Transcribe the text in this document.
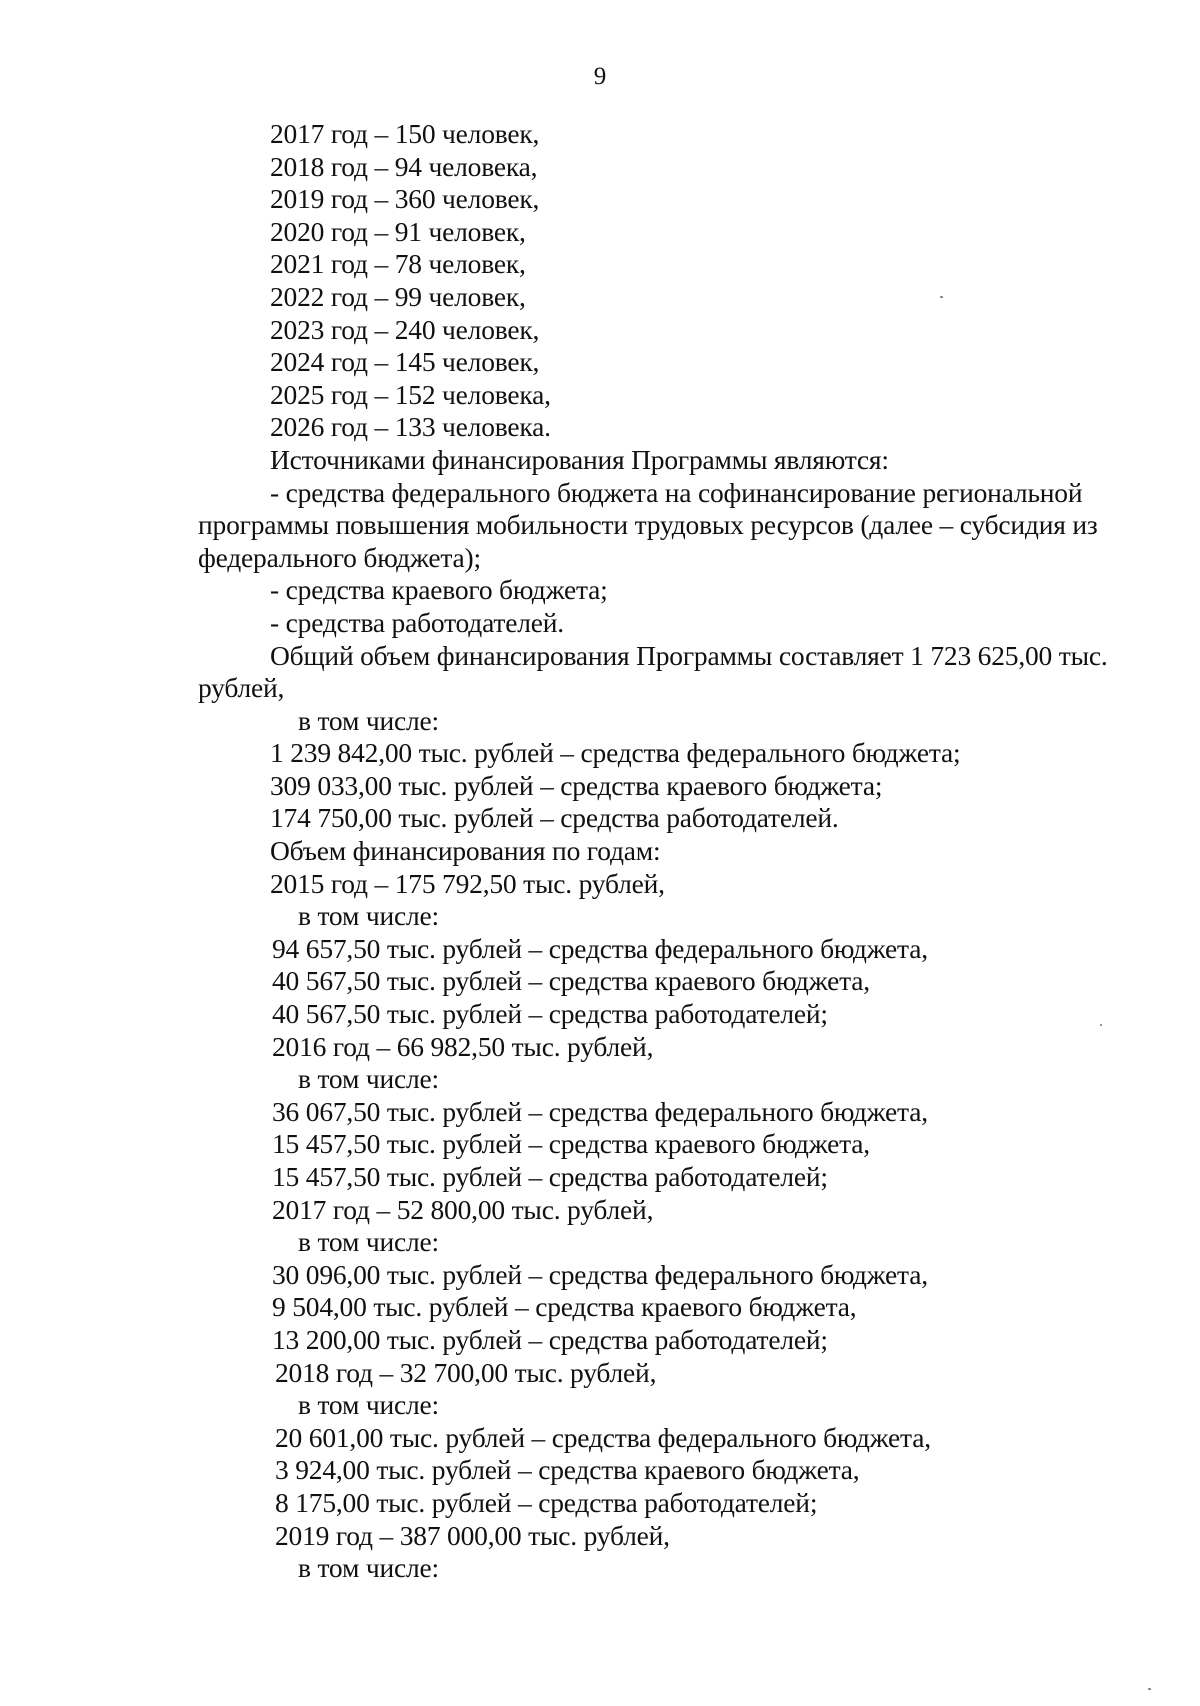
9
2017 год – 150 человек,
2018 год – 94 человека,
2019 год – 360 человек,
2020 год – 91 человек,
2021 год – 78 человек,
2022 год – 99 человек,
2023 год – 240 человек,
2024 год – 145 человек,
2025 год – 152 человека,
2026 год – 133 человека.
Источниками финансирования Программы являются:
- средства федерального бюджета на софинансирование региональной
программы повышения мобильности трудовых ресурсов (далее – субсидия из
федерального бюджета);
- средства краевого бюджета;
- средства работодателей.
Общий объем финансирования Программы составляет 1 723 625,00 тыс.
рублей,
в том числе:
1 239 842,00 тыс. рублей – средства федерального бюджета;
309 033,00 тыс. рублей – средства краевого бюджета;
174 750,00 тыс. рублей – средства работодателей.
Объем финансирования по годам:
2015 год – 175 792,50 тыс. рублей,
в том числе:
94 657,50 тыс. рублей – средства федерального бюджета,
40 567,50 тыс. рублей – средства краевого бюджета,
40 567,50 тыс. рублей – средства работодателей;
2016 год – 66 982,50 тыс. рублей,
в том числе:
36 067,50 тыс. рублей – средства федерального бюджета,
15 457,50 тыс. рублей – средства краевого бюджета,
15 457,50 тыс. рублей – средства работодателей;
2017 год – 52 800,00 тыс. рублей,
в том числе:
30 096,00 тыс. рублей – средства федерального бюджета,
9 504,00 тыс. рублей – средства краевого бюджета,
13 200,00 тыс. рублей – средства работодателей;
2018 год – 32 700,00 тыс. рублей,
в том числе:
20 601,00 тыс. рублей – средства федерального бюджета,
3 924,00 тыс. рублей – средства краевого бюджета,
8 175,00 тыс. рублей – средства работодателей;
2019 год – 387 000,00 тыс. рублей,
в том числе:
